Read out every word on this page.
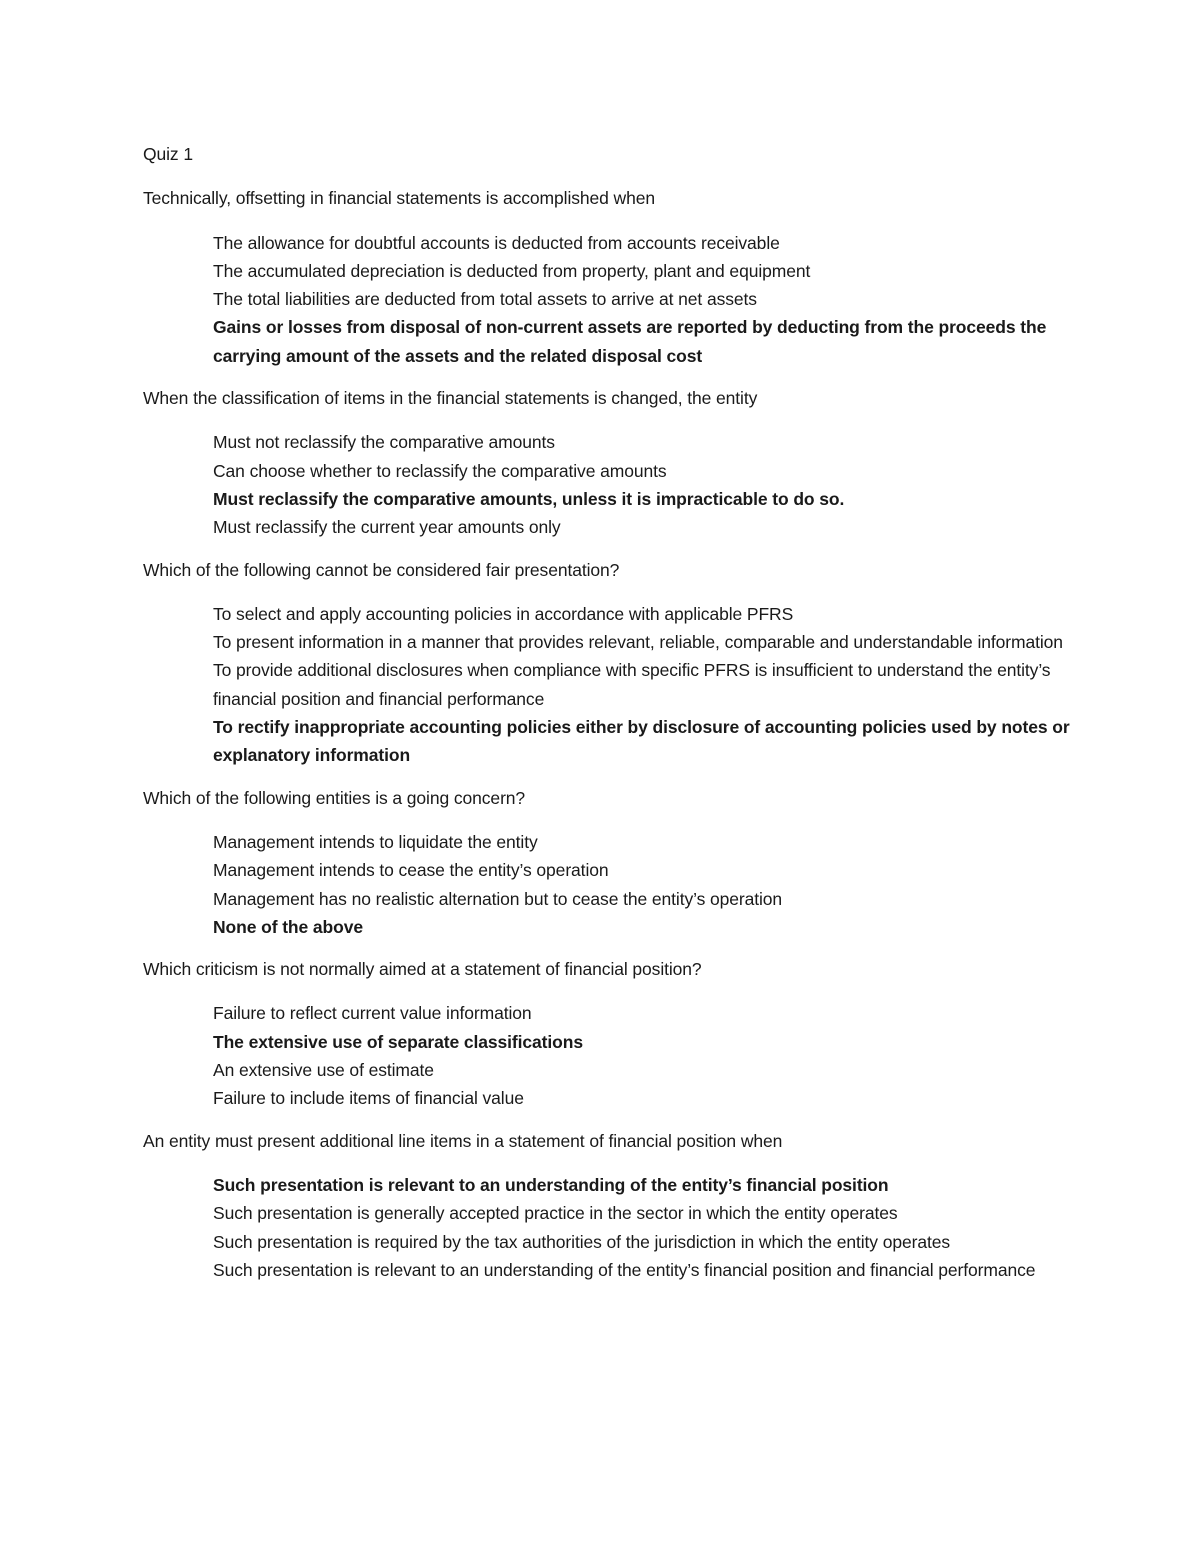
Quiz 1
Technically, offsetting in financial statements is accomplished when
The allowance for doubtful accounts is deducted from accounts receivable
The accumulated depreciation is deducted from property, plant and equipment
The total liabilities are deducted from total assets to arrive at net assets
Gains or losses from disposal of non-current assets are reported by deducting from the proceeds the carrying amount of the assets and the related disposal cost
When the classification of items in the financial statements is changed, the entity
Must not reclassify the comparative amounts
Can choose whether to reclassify the comparative amounts
Must reclassify the comparative amounts, unless it is impracticable to do so.
Must reclassify the current year amounts only
Which of the following cannot be considered fair presentation?
To select and apply accounting policies in accordance with applicable PFRS
To present information in a manner that provides relevant, reliable, comparable and understandable information
To provide additional disclosures when compliance with specific PFRS is insufficient to understand the entity’s financial position and financial performance
To rectify inappropriate accounting policies either by disclosure of accounting policies used by notes or explanatory information
Which of the following entities is a going concern?
Management intends to liquidate the entity
Management intends to cease the entity’s operation
Management has no realistic alternation but to cease the entity’s operation
None of the above
Which criticism is not normally aimed at a statement of financial position?
Failure to reflect current value information
The extensive use of separate classifications
An extensive use of estimate
Failure to include items of financial value
An entity must present additional line items in a statement of financial position when
Such presentation is relevant to an understanding of the entity’s financial position
Such presentation is generally accepted practice in the sector in which the entity operates
Such presentation is required by the tax authorities of the jurisdiction in which the entity operates
Such presentation is relevant to an understanding of the entity’s financial position and financial performance
